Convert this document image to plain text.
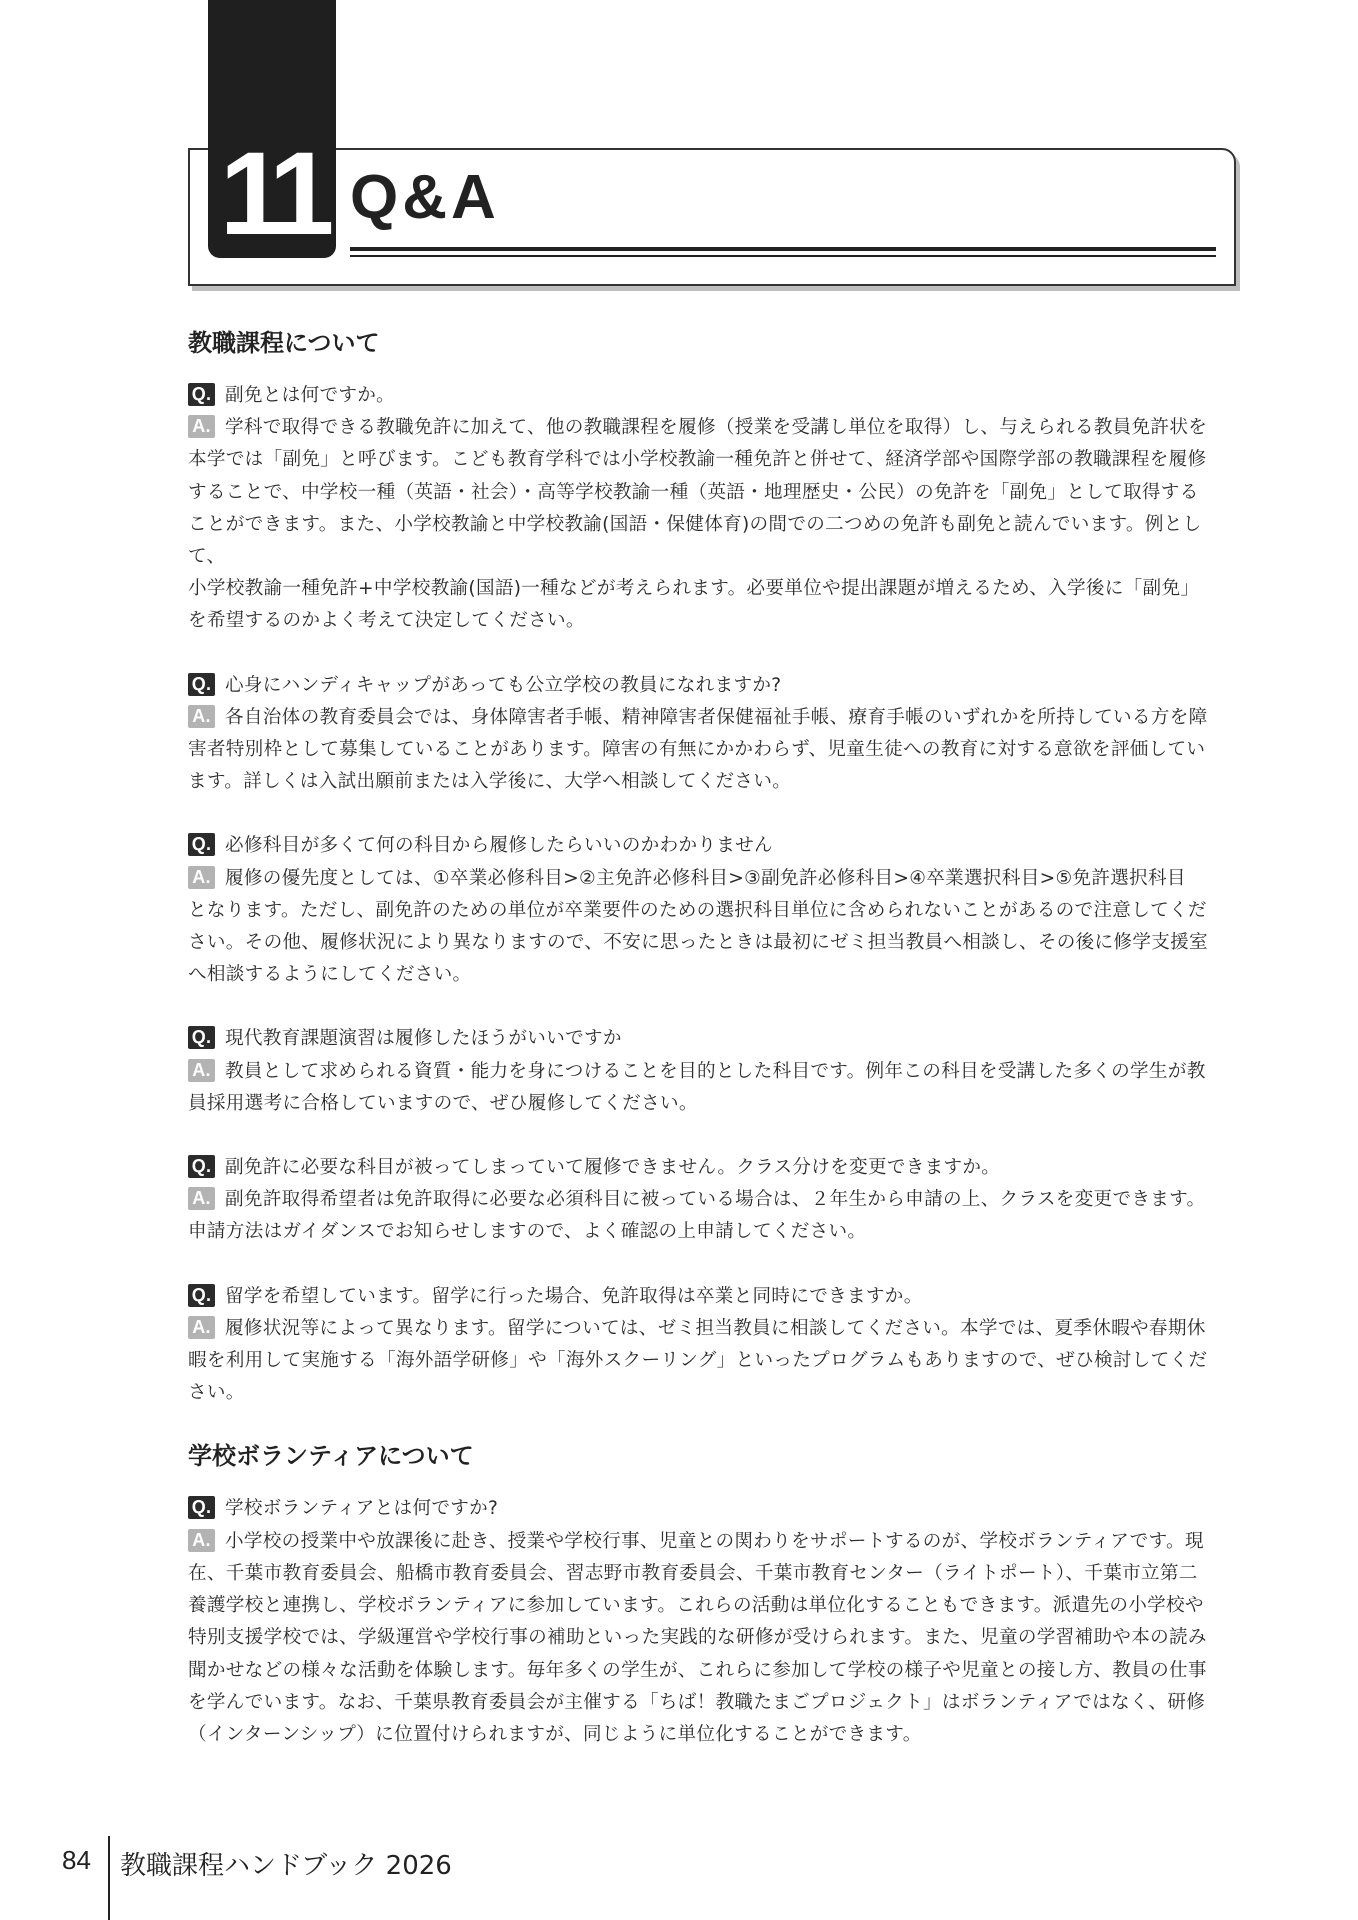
11 Q&A
教職課程について

Q. 副免とは何ですか。

A. 学科で取得できる教職免許に加えて、他の教職課程を履修（授業を受講し単位を取得）し、与えられる教員免許状を

本学では「副免」と呼びます。こども教育学科では小学校教諭一種免許と併せて、経済学部や国際学部の教職課程を履修

することで、中学校一種（英語・社会）・高等学校教諭一種（英語・地理歴史・公民）の免許を「副免」として取得する

ことができます。また、小学校教諭と中学校教諭(国語・保健体育)の間での二つめの免許も副免と読んでいます。例として、

小学校教諭一種免許+中学校教諭(国語)一種などが考えられます。必要単位や提出課題が増えるため、入学後に「副免」

を希望するのかよく考えて決定してください。

Q. 心身にハンディキャップがあっても公立学校の教員になれますか?

A. 各自治体の教育委員会では、身体障害者手帳、精神障害者保健福祉手帳、療育手帳のいずれかを所持している方を障

害者特別枠として募集していることがあります。障害の有無にかかわらず、児童生徒への教育に対する意欲を評価してい

ます。詳しくは入試出願前または入学後に、大学へ相談してください。

Q. 必修科目が多くて何の科目から履修したらいいのかわかりません

A. 履修の優先度としては、①卒業必修科目>②主免許必修科目>③副免許必修科目>④卒業選択科目>⑤免許選択科目

となります。ただし、副免許のための単位が卒業要件のための選択科目単位に含められないことがあるので注意してくだ

さい。その他、履修状況により異なりますので、不安に思ったときは最初にゼミ担当教員へ相談し、その後に修学支援室

へ相談するようにしてください。

Q. 現代教育課題演習は履修したほうがいいですか

A. 教員として求められる資質・能力を身につけることを目的とした科目です。例年この科目を受講した多くの学生が教

員採用選考に合格していますので、ぜひ履修してください。

Q. 副免許に必要な科目が被ってしまっていて履修できません。クラス分けを変更できますか。

A. 副免許取得希望者は免許取得に必要な必須科目に被っている場合は、２年生から申請の上、クラスを変更できます。

申請方法はガイダンスでお知らせしますので、よく確認の上申請してください。

Q. 留学を希望しています。留学に行った場合、免許取得は卒業と同時にできますか。

A. 履修状況等によって異なります。留学については、ゼミ担当教員に相談してください。本学では、夏季休暇や春期休

暇を利用して実施する「海外語学研修」や「海外スクーリング」といったプログラムもありますので、ぜひ検討してくだ

さい。

学校ボランティアについて

Q. 学校ボランティアとは何ですか?

A. 小学校の授業中や放課後に赴き、授業や学校行事、児童との関わりをサポートするのが、学校ボランティアです。現

在、千葉市教育委員会、船橋市教育委員会、習志野市教育委員会、千葉市教育センター（ライトポート）、千葉市立第二

養護学校と連携し、学校ボランティアに参加しています。これらの活動は単位化することもできます。派遣先の小学校や

特別支援学校では、学級運営や学校行事の補助といった実践的な研修が受けられます。また、児童の学習補助や本の読み

聞かせなどの様々な活動を体験します。毎年多くの学生が、これらに参加して学校の様子や児童との接し方、教員の仕事

を学んでいます。なお、千葉県教育委員会が主催する「ちば！教職たまごプロジェクト」はボランティアではなく、研修

（インターンシップ）に位置付けられますが、同じように単位化することができます。

84 教職課程ハンドブック 2026
